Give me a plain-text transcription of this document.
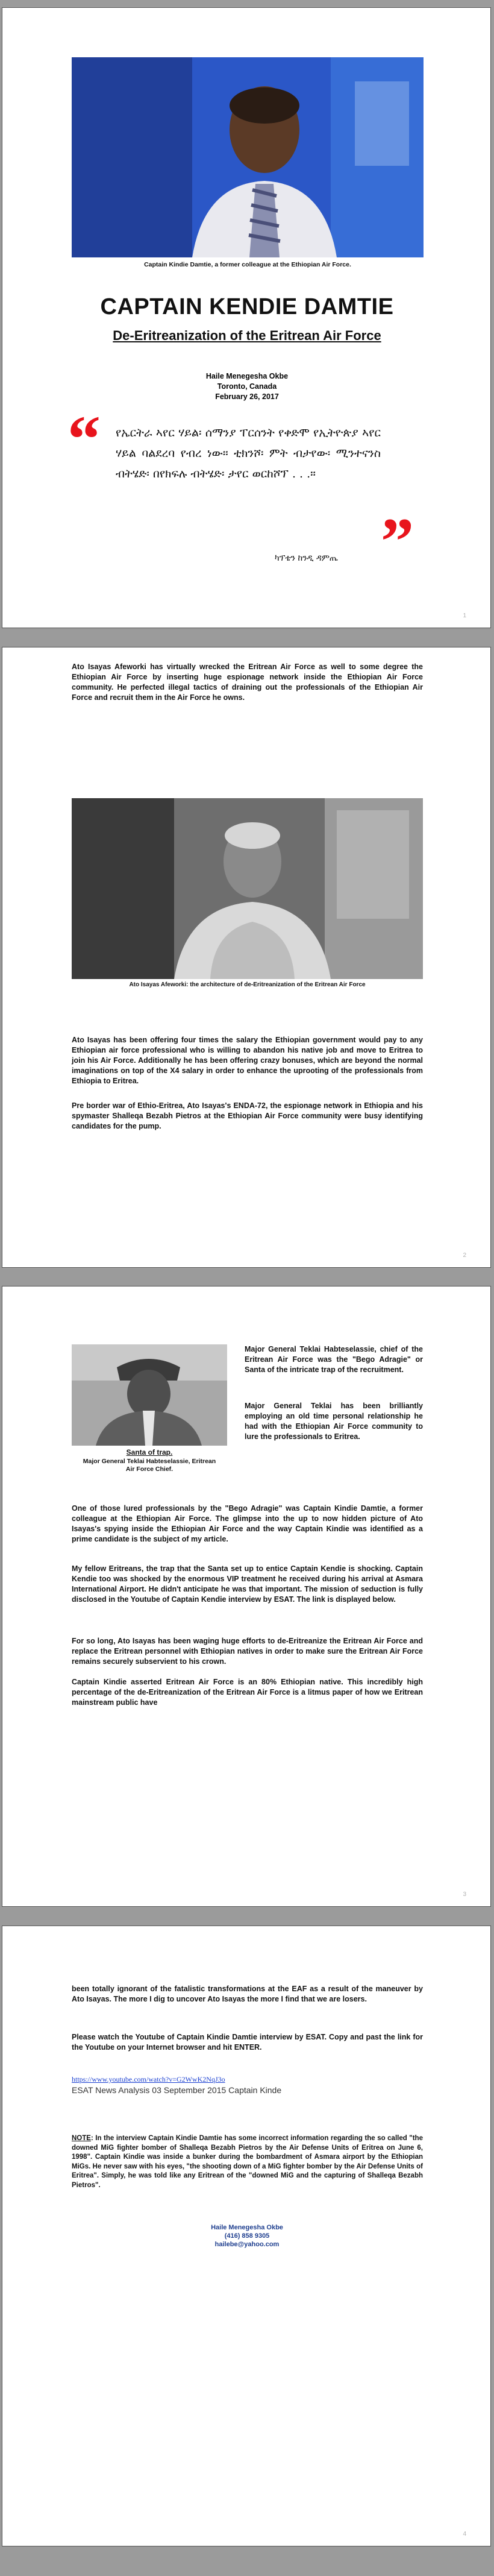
Captain Kindie Damtie, a former colleague at the Ethiopian Air Force.
CAPTAIN KENDIE DAMTIE
De-Eritreanization of the Eritrean Air Force
Haile Menegesha Okbe
Toronto, Canada
February 26, 2017
“ የኤርትራ ኣየር ሃይል፡ ሰማንያ ፐርሰንት የቀድሞ የኢትዮጵያ ኣየር ሃይል ባልደረባ የብረ ነው። ቲክንሾ፡ ምት ብታየው፡ ሚንተናንስ ብትሄድ፡ በየክፍሉ ብትሄድ፡ ታየር ወርከሾፕ . . .።
”
ካፕቴን ከንዲ ዳምጤ
1

Ato Isayas Afeworki has virtually wrecked the Eritrean Air Force as well to some degree the Ethiopian Air Force by inserting huge espionage network inside the Ethiopian Air Force community. He perfected illegal tactics of draining out the professionals of the Ethiopian Air Force and recruit them in the Air Force he owns.

Ato Isayas Afeworki: the architecture of de-Eritreanization of the Eritrean Air Force

Ato Isayas has been offering four times the salary the Ethiopian government would pay to any Ethiopian air force professional who is willing to abandon his native job and move to Eritrea to join his Air Force. Additionally he has been offering crazy bonuses, which are beyond the normal imaginations on top of the X4 salary in order to enhance the uprooting of the professionals from Ethiopia to Eritrea.

Pre border war of Ethio-Eritrea, Ato Isayas's ENDA-72, the espionage network in Ethiopia and his spymaster Shalleqa Bezabh Pietros at the Ethiopian Air Force community were busy identifying candidates for the pump.

2
Santa of trap.
Major General Teklai Habteselassie, Eritrean Air Force Chief.

Major General Teklai Habteselassie, chief of the Eritrean Air Force was the "Bego Adragie" or Santa of the intricate trap of the recruitment.

Major General Teklai has been brilliantly employing an old time personal relationship he had with the Ethiopian Air Force community to lure the professionals to Eritrea.

One of those lured professionals by the "Bego Adragie" was Captain Kindie Damtie, a former colleague at the Ethiopian Air Force. The glimpse into the up to now hidden picture of Ato Isayas's spying inside the Ethiopian Air Force and the way Captain Kindie was identified as a prime candidate is the subject of my article.

My fellow Eritreans, the trap that the Santa set up to entice Captain Kendie is shocking. Captain Kendie too was shocked by the enormous VIP treatment he received during his arrival at Asmara International Airport. He didn't anticipate he was that important. The mission of seduction is fully disclosed in the Youtube of Captain Kendie interview by ESAT. The link is displayed below.

For so long, Ato Isayas has been waging huge efforts to de-Eritreanize the Eritrean Air Force and replace the Eritrean personnel with Ethiopian natives in order to make sure the Eritrean Air Force remains securely subservient to his crown.

Captain Kindie asserted Eritrean Air Force is an 80% Ethiopian native. This incredibly high percentage of the de-Eritreanization of the Eritrean Air Force is a litmus paper of how we Eritrean mainstream public have

3

been totally ignorant of the fatalistic transformations at the EAF as a result of the maneuver by Ato Isayas. The more I dig to uncover Ato Isayas the more I find that we are losers.

Please watch the Youtube of Captain Kindie Damtie interview by ESAT. Copy and past the link for the Youtube on your Internet browser and hit ENTER.

https://www.youtube.com/watch?v=G2WwK2NqJ3o
ESAT News Analysis 03 September 2015 Captain Kinde

NOTE: In the interview Captain Kindie Damtie has some incorrect information regarding the so called "the downed MiG fighter bomber of Shalleqa Bezabh Pietros by the Air Defense Units of Eritrea on June 6, 1998". Captain Kindie was inside a bunker during the bombardment of Asmara airport by the Ethiopian MiGs. He never saw with his eyes, "the shooting down of a MiG fighter bomber by the Air Defense Units of Eritrea". Simply, he was told like any Eritrean of the "downed MiG and the capturing of Shalleqa Bezabh Pietros".

Haile Menegesha Okbe
(416) 858 9305
hailebe@yahoo.com
4
